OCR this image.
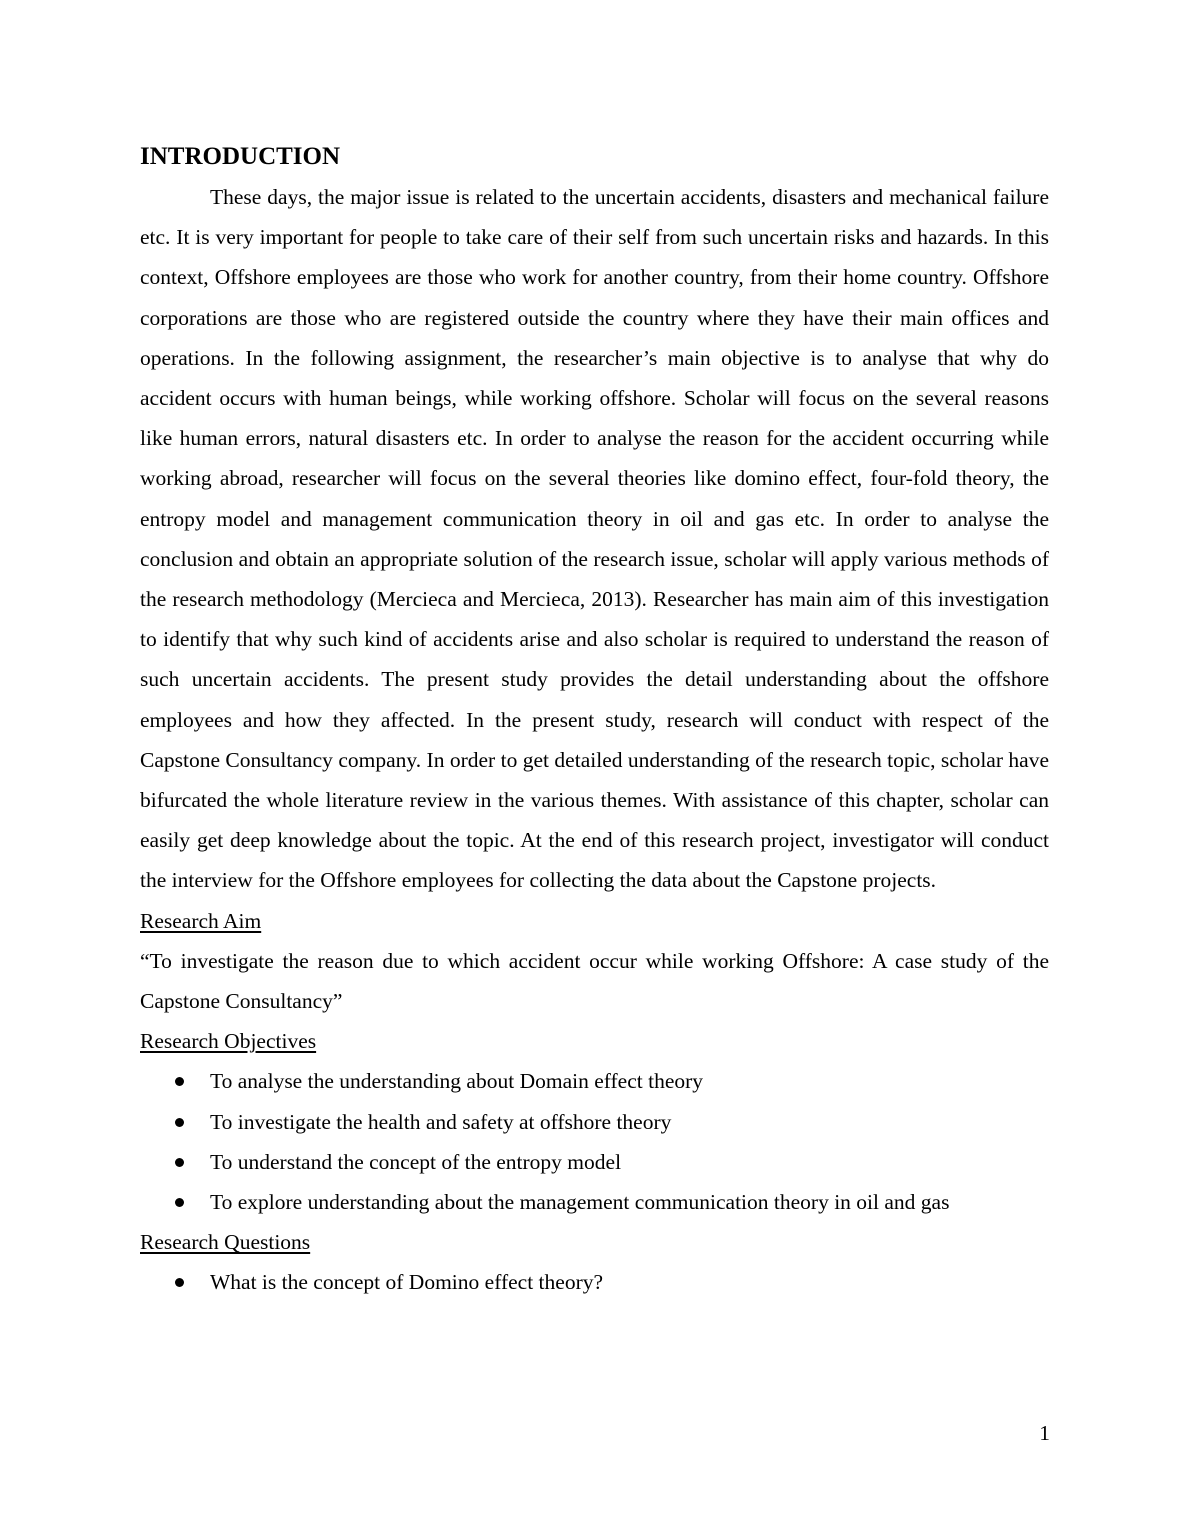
INTRODUCTION

These days, the major issue is related to the uncertain accidents, disasters and mechanical failure etc. It is very important for people to take care of their self from such uncertain risks and hazards. In this context, Offshore employees are those who work for another country, from their home country. Offshore corporations are those who are registered outside the country where they have their main offices and operations. In the following assignment, the researcher’s main objective is to analyse that why do accident occurs with human beings, while working offshore. Scholar will focus on the several reasons like human errors, natural disasters etc. In order to analyse the reason for the accident occurring while working abroad, researcher will focus on the several theories like domino effect, four-fold theory, the entropy model and management communication theory in oil and gas etc. In order to analyse the conclusion and obtain an appropriate solution of the research issue, scholar will apply various methods of the research methodology (Mercieca and Mercieca, 2013). Researcher has main aim of this investigation to identify that why such kind of accidents arise and also scholar is required to understand the reason of such uncertain accidents. The present study provides the detail understanding about the offshore employees and how they affected. In the present study, research will conduct with respect of the Capstone Consultancy company. In order to get detailed understanding of the research topic, scholar have bifurcated the whole literature review in the various themes. With assistance of this chapter, scholar can easily get deep knowledge about the topic. At the end of this research project, investigator will conduct the interview for the Offshore employees for collecting the data about the Capstone projects.

Research Aim

“To investigate the reason due to which accident occur while working Offshore: A case study of the Capstone Consultancy”

Research Objectives

To analyse the understanding about Domain effect theory
To investigate the health and safety at offshore theory
To understand the concept of the entropy model
To explore understanding about the management communication theory in oil and gas

Research Questions

What is the concept of Domino effect theory?
1
